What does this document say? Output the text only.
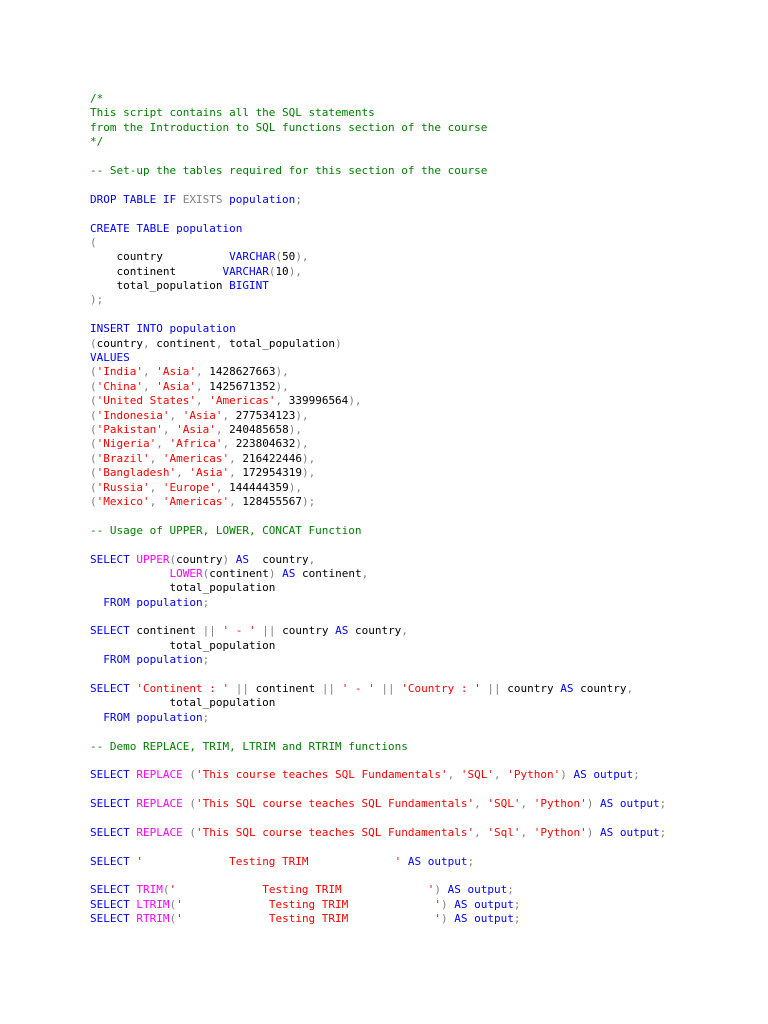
/*
This script contains all the SQL statements
from the Introduction to SQL functions section of the course
*/
-- Set-up the tables required for this section of the course
DROP TABLE IF EXISTS population;
CREATE TABLE population
(
country          VARCHAR(50),
continent       VARCHAR(10),
total_population BIGINT
);
INSERT INTO population
(country, continent, total_population)
VALUES
('India', 'Asia', 1428627663),
('China', 'Asia', 1425671352),
('United States', 'Americas', 339996564),
('Indonesia', 'Asia', 277534123),
('Pakistan', 'Asia', 240485658),
('Nigeria', 'Africa', 223804632),
('Brazil', 'Americas', 216422446),
('Bangladesh', 'Asia', 172954319),
('Russia', 'Europe', 144444359),
('Mexico', 'Americas', 128455567);
-- Usage of UPPER, LOWER, CONCAT Function
SELECT UPPER(country) AS  country,
LOWER(continent) AS continent,
total_population
FROM population;
SELECT continent || ' - ' || country AS country,
total_population
FROM population;
SELECT 'Continent : ' || continent || ' - ' || 'Country : ' || country AS country,
total_population
FROM population;
-- Demo REPLACE, TRIM, LTRIM and RTRIM functions
SELECT REPLACE ('This course teaches SQL Fundamentals', 'SQL', 'Python') AS output;
SELECT REPLACE ('This SQL course teaches SQL Fundamentals', 'SQL', 'Python') AS output;
SELECT REPLACE ('This SQL course teaches SQL Fundamentals', 'Sql', 'Python') AS output;
SELECT '             Testing TRIM             ' AS output;
SELECT TRIM('             Testing TRIM             ') AS output;
SELECT LTRIM('             Testing TRIM             ') AS output;
SELECT RTRIM('             Testing TRIM             ') AS output;
